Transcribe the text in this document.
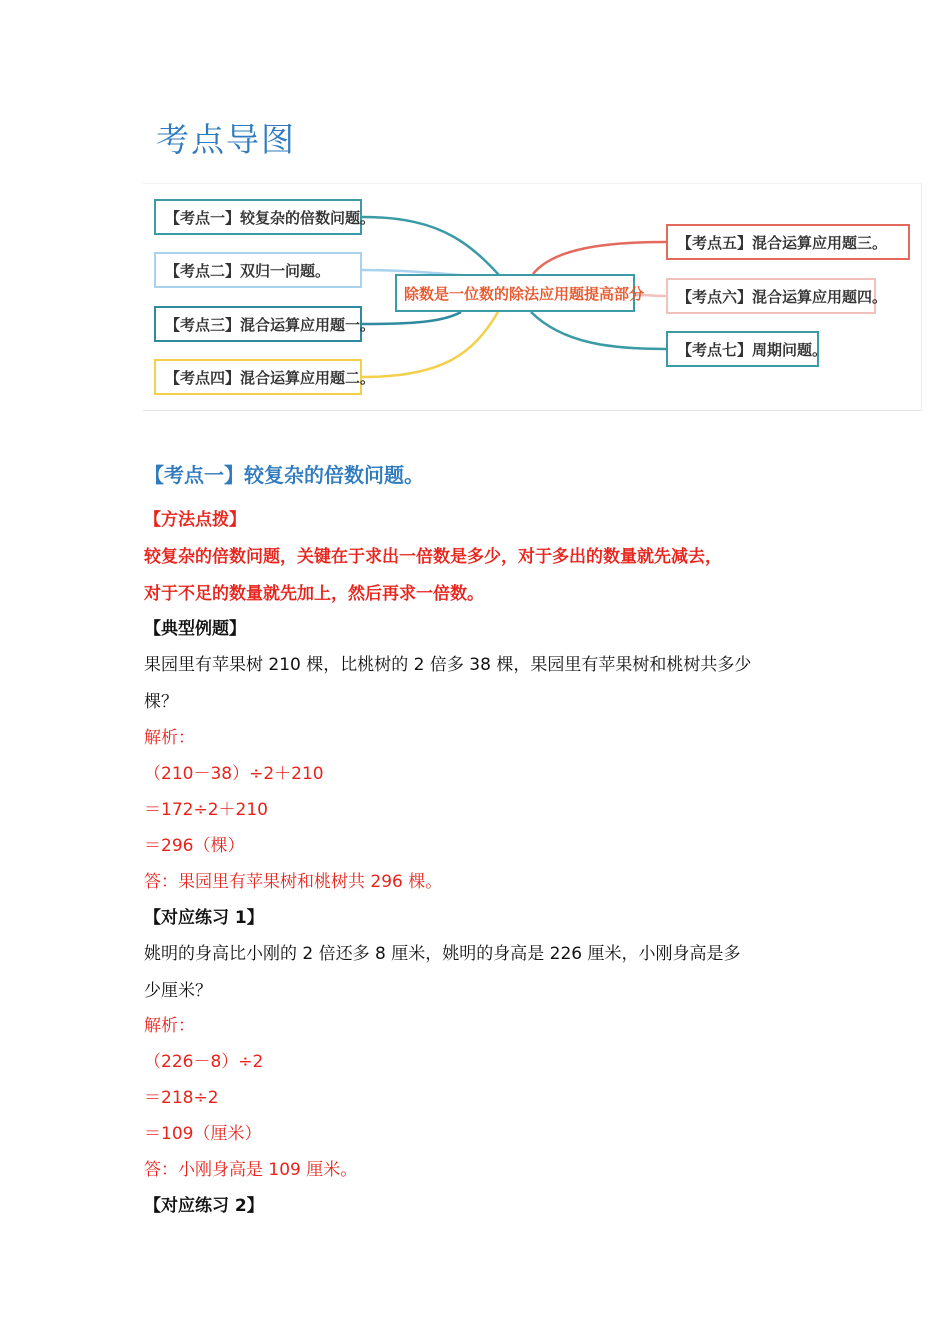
考点导图
【考点一】较复杂的倍数问题。
【考点二】双归一问题。
【考点三】混合运算应用题一。
【考点四】混合运算应用题二。
除数是一位数的除法应用题提高部分
【考点五】混合运算应用题三。
【考点六】混合运算应用题四。
【考点七】周期问题。
【考点一】较复杂的倍数问题。
【方法点拨】
较复杂的倍数问题，关键在于求出一倍数是多少，对于多出的数量就先减去，
对于不足的数量就先加上，然后再求一倍数。
【典型例题】
果园里有苹果树 210 棵，比桃树的 2 倍多 38 棵，果园里有苹果树和桃树共多少
棵？
解析：
（210－38）÷2＋210
＝172÷2＋210
＝296（棵）
答：果园里有苹果树和桃树共 296 棵。
【对应练习 1】
姚明的身高比小刚的 2 倍还多 8 厘米，姚明的身高是 226 厘米，小刚身高是多
少厘米？
解析：
（226－8）÷2
＝218÷2
＝109（厘米）
答：小刚身高是 109 厘米。
【对应练习 2】
